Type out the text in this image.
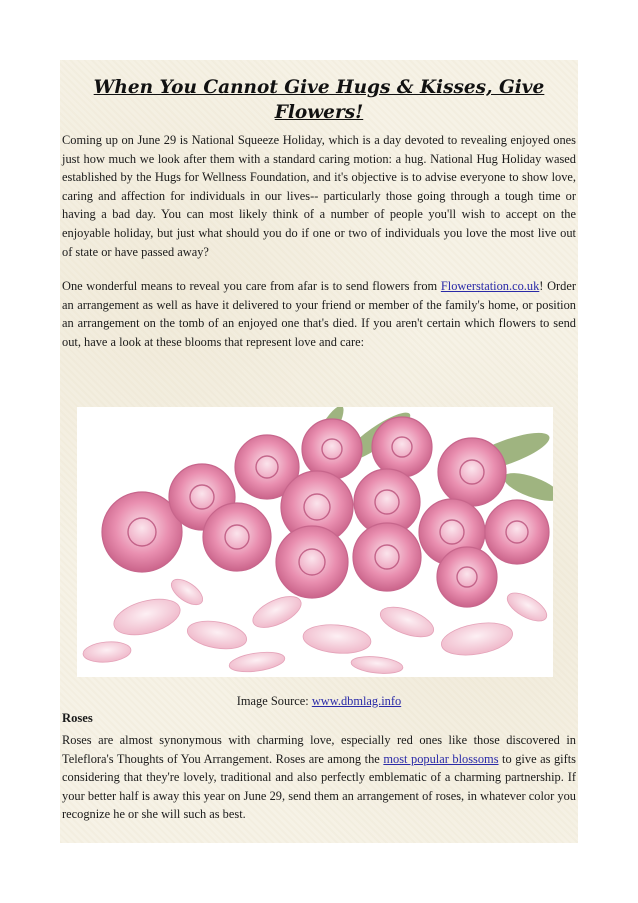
When You Cannot Give Hugs & Kisses, Give Flowers!

Coming up on June 29 is National Squeeze Holiday, which is a day devoted to revealing enjoyed ones just how much we look after them with a standard caring motion: a hug. National Hug Holiday wased established by the Hugs for Wellness Foundation, and it's objective is to advise everyone to show love, caring and affection for individuals in our lives-- particularly those going through a tough time or having a bad day. You can most likely think of a number of people you'll wish to accept on the enjoyable holiday, but just what should you do if one or two of individuals you love the most live out of state or have passed away?

One wonderful means to reveal you care from afar is to send flowers from Flowerstation.co.uk! Order an arrangement as well as have it delivered to your friend or member of the family's home, or position an arrangement on the tomb of an enjoyed one that's died. If you aren't certain which flowers to send out, have a look at these blooms that represent love and care:

Image Source: www.dbmlag.info
Roses

Roses are almost synonymous with charming love, especially red ones like those discovered in Teleflora's Thoughts of You Arrangement. Roses are among the most popular blossoms to give as gifts considering that they're lovely, traditional and also perfectly emblematic of a charming partnership. If your better half is away this year on June 29, send them an arrangement of roses, in whatever color you recognize he or she will such as best.
